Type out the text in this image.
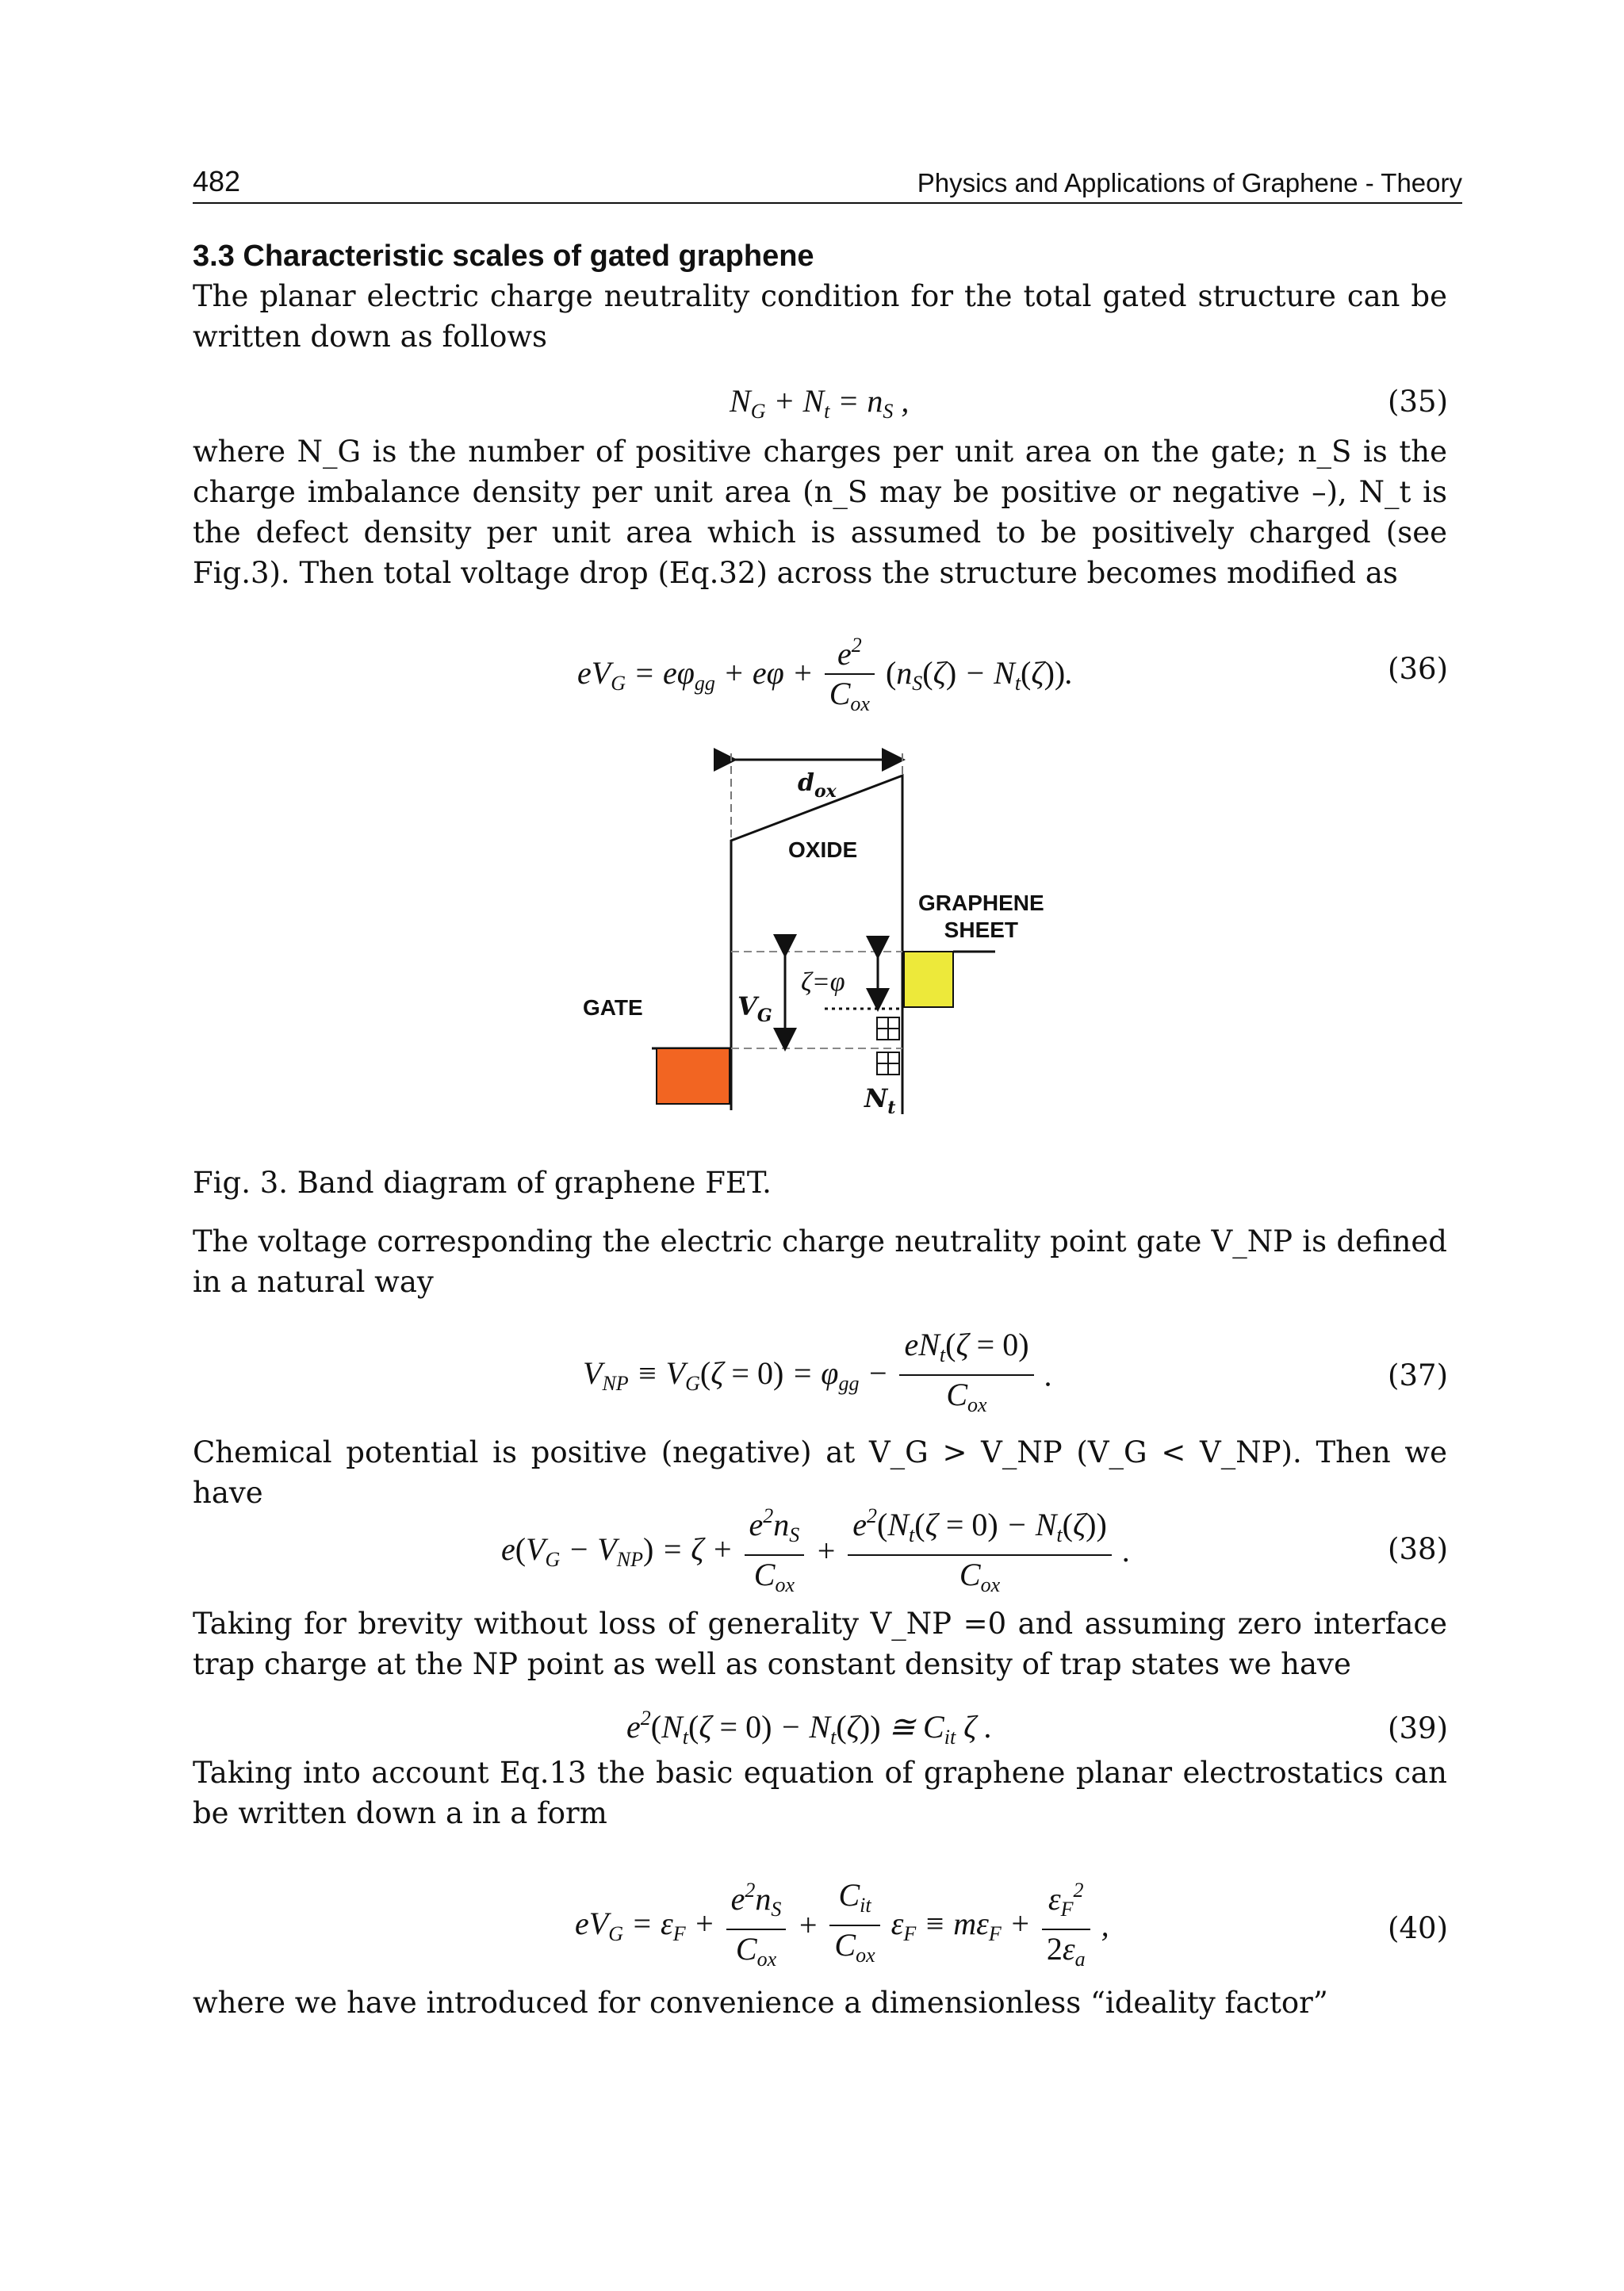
482	Physics and Applications of Graphene - Theory
3.3 Characteristic scales of gated graphene
The planar electric charge neutrality condition for the total gated structure can be written down as follows
$N_G + N_t = n_S$ ,	(35)
where N_G is the number of positive charges per unit area on the gate; n_S is the charge imbalance density per unit area (n_S may be positive or negative –), N_t is the defect density per unit area which is assumed to be positively charged (see Fig.3). Then total voltage drop (Eq.32) across the structure becomes modified as
$eV_G = e\varphi_{gg} + e\varphi + \frac{e^2}{C_{ox}} (n_S(\zeta) - N_t(\zeta))$.	(36)
$d_{ox}$
OXIDE
GRAPHENE
SHEET
GATE	$V_G$
ζ=φ
$N_t$
Fig. 3. Band diagram of graphene FET.
The voltage corresponding the electric charge neutrality point gate V_NP is defined in a natural way
$V_{NP} \equiv V_G(\zeta = 0) = \varphi_{gg} - \frac{eN_t(\zeta = 0)}{C_{ox}}$ .	(37)
Chemical potential is positive (negative) at V_G > V_NP (V_G < V_NP). Then we have
$e(V_G - V_{NP}) = \zeta + \frac{e^2n_S}{C_{ox}} + \frac{e^2(N_t(\zeta = 0) - N_t(\zeta))}{C_{ox}}$ .	(38)
Taking for brevity without loss of generality V_NP =0 and assuming zero interface trap charge at the NP point as well as constant density of trap states we have
$e^2(N_t(\zeta = 0) - N_t(\zeta))$ ≅ $C_{it}$ ζ .	(39)
Taking into account Eq.13 the basic equation of graphene planar electrostatics can be written down a in a form
$eV_G = \varepsilon_F + \frac{e^2n_S}{C_{ox}} + \frac{C_{it}}{C_{ox}} \varepsilon_F \equiv m\varepsilon_F + \frac{\varepsilon_F^2}{2\varepsilon_a}$ ,	(40)
where we have introduced for convenience a dimensionless “ideality factor”
